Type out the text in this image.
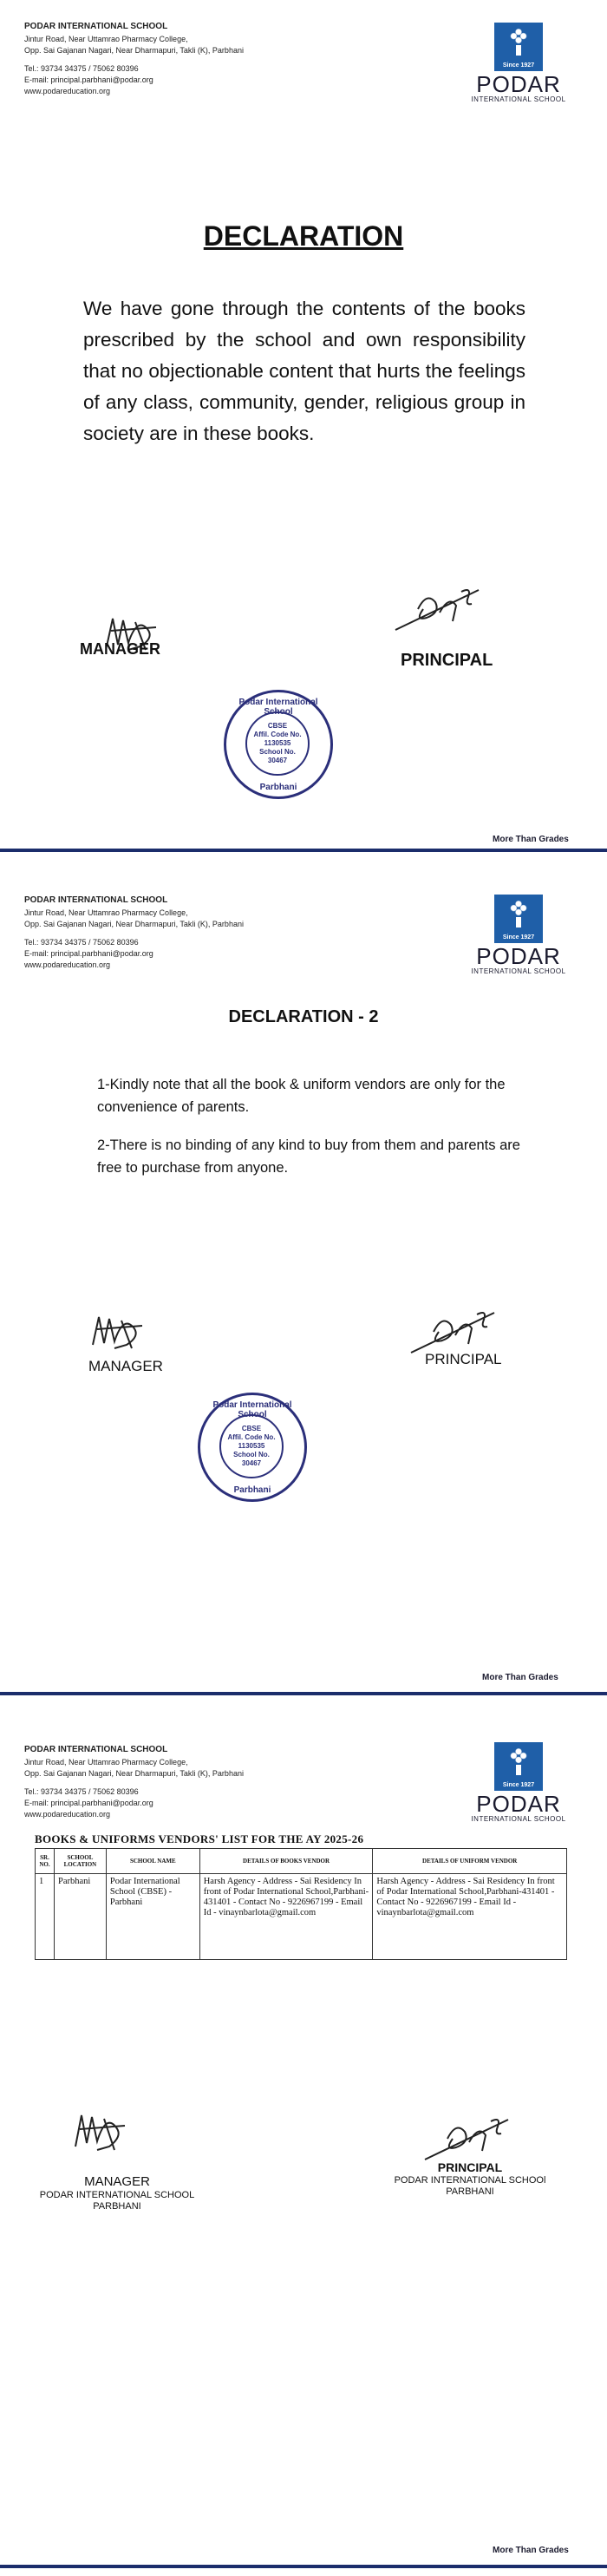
PODAR INTERNATIONAL SCHOOL
Jintur Road, Near Uttamrao Pharmacy College,
Opp. Sai Gajanan Nagari, Near Dharmapuri, Takli (K), Parbhani
Tel.: 93734 34375 / 75062 80396
E-mail: principal.parbhani@podar.org
www.podareducation.org
Since 1927
PODAR
INTERNATIONAL SCHOOL
DECLARATION
We have gone through the contents of the books prescribed by the school and own responsibility that no objectionable content that hurts the feelings of any class, community, gender, religious group in society are in these books.
MANAGER
PRINCIPAL
Podar International School
CBSE
Affil. Code No.
1130535
School No.
30467
Parbhani
More Than Grades
PODAR INTERNATIONAL SCHOOL
Jintur Road, Near Uttamrao Pharmacy College,
Opp. Sai Gajanan Nagari, Near Dharmapuri, Takli (K), Parbhani
Tel.: 93734 34375 / 75062 80396
E-mail: principal.parbhani@podar.org
www.podareducation.org
Since 1927
PODAR
INTERNATIONAL SCHOOL
DECLARATION - 2
1-Kindly note that all the book & uniform vendors are only for the convenience of parents.
2-There is no binding of any kind to buy from them and parents are free to purchase from anyone.
MANAGER	PRINCIPAL
Podar International School
CBSE
Affil. Code No.
1130535
School No.
30467
Parbhani
More Than Grades
PODAR INTERNATIONAL SCHOOL
Jintur Road, Near Uttamrao Pharmacy College,
Opp. Sai Gajanan Nagari, Near Dharmapuri, Takli (K), Parbhani
Tel.: 93734 34375 / 75062 80396
E-mail: principal.parbhani@podar.org
www.podareducation.org
Since 1927
PODAR
INTERNATIONAL SCHOOL
BOOKS & UNIFORMS VENDORS' LIST FOR THE AY 2025-26
SR. NO.	SCHOOL LOCATION	SCHOOL NAME	DETAILS OF BOOKS VENDOR	DETAILS OF UNIFORM VENDOR
1	Parbhani	Podar International School (CBSE) - Parbhani	Harsh Agency - Address - Sai Residency In front of Podar International School,Parbhani-431401 - Contact No - 9226967199 - Email Id - vinaynbarlota@gmail.com	Harsh Agency - Address - Sai Residency In front of Podar International School,Parbhani-431401 - Contact No - 9226967199 - Email Id - vinaynbarlota@gmail.com
MANAGER
PODAR INTERNATIONAL SCHOOL
PARBHANI
PRINCIPAL
PODAR INTERNATIONAL SCHOOl
PARBHANI
More Than Grades
